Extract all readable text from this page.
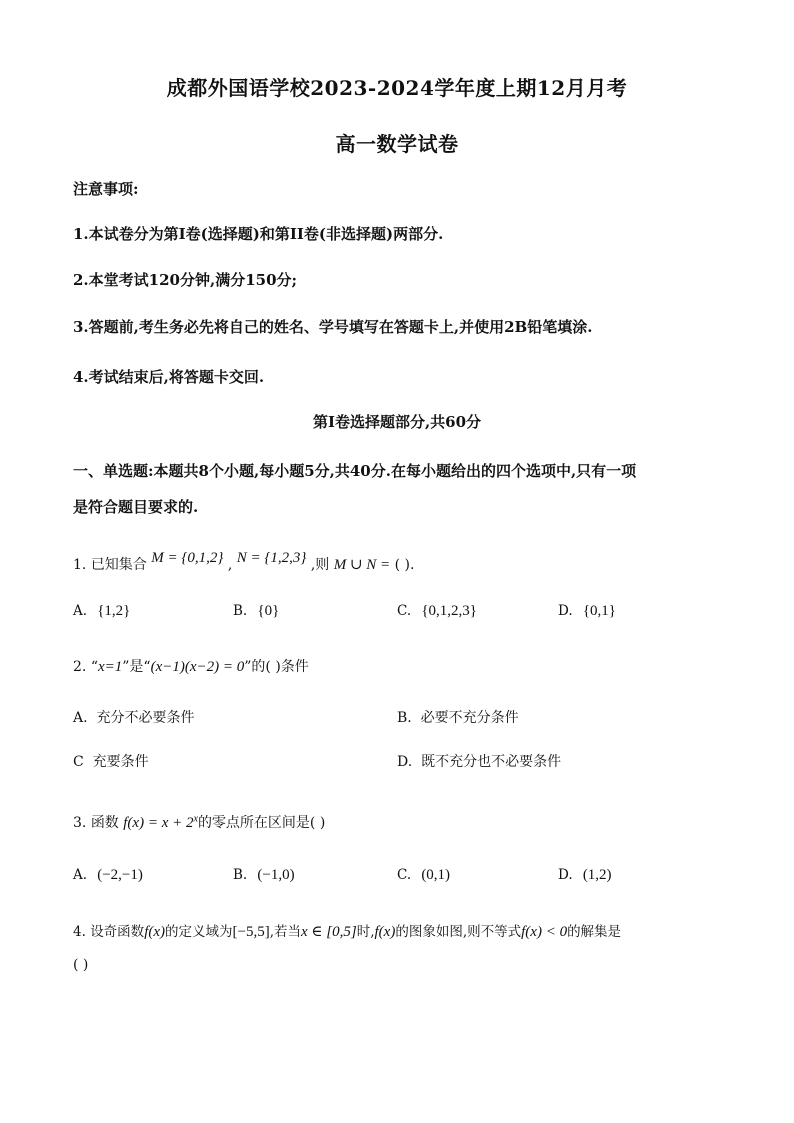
成都外国语学校2023-2024学年度上期12月月考
高一数学试卷
注意事项:
1.本试卷分为第I卷(选择题)和第II卷(非选择题)两部分.
2.本堂考试120分钟,满分150分;
3.答题前,考生务必先将自己的姓名、学号填写在答题卡上,并使用2B铅笔填涂.
4.考试结束后,将答题卡交回.
第I卷选择题部分,共60分
一、单选题:本题共8个小题,每小题5分,共40分.在每小题给出的四个选项中,只有一项
是符合题目要求的.
1. 已知集合 M = {0,1,2} , N = {1,2,3} ,则 M ∪ N = ( ).
A. {1,2}	B. {0}	C. {0,1,2,3}	D. {0,1}
2. “x=1”是“(x−1)(x−2) = 0”的( )条件
A. 充分不必要条件	B. 必要不充分条件
C 充要条件	D. 既不充分也不必要条件
3. 函数 $f(x) = x + 2^x$的零点所在区间是( )
A. (−2,−1)	B. (−1,0)	C. (0,1)	D. (1,2)
4. 设奇函数f(x)的定义域为[−5,5],若当x ∈ [0,5]时,f(x)的图象如图,则不等式f(x) < 0的解集是
( )
